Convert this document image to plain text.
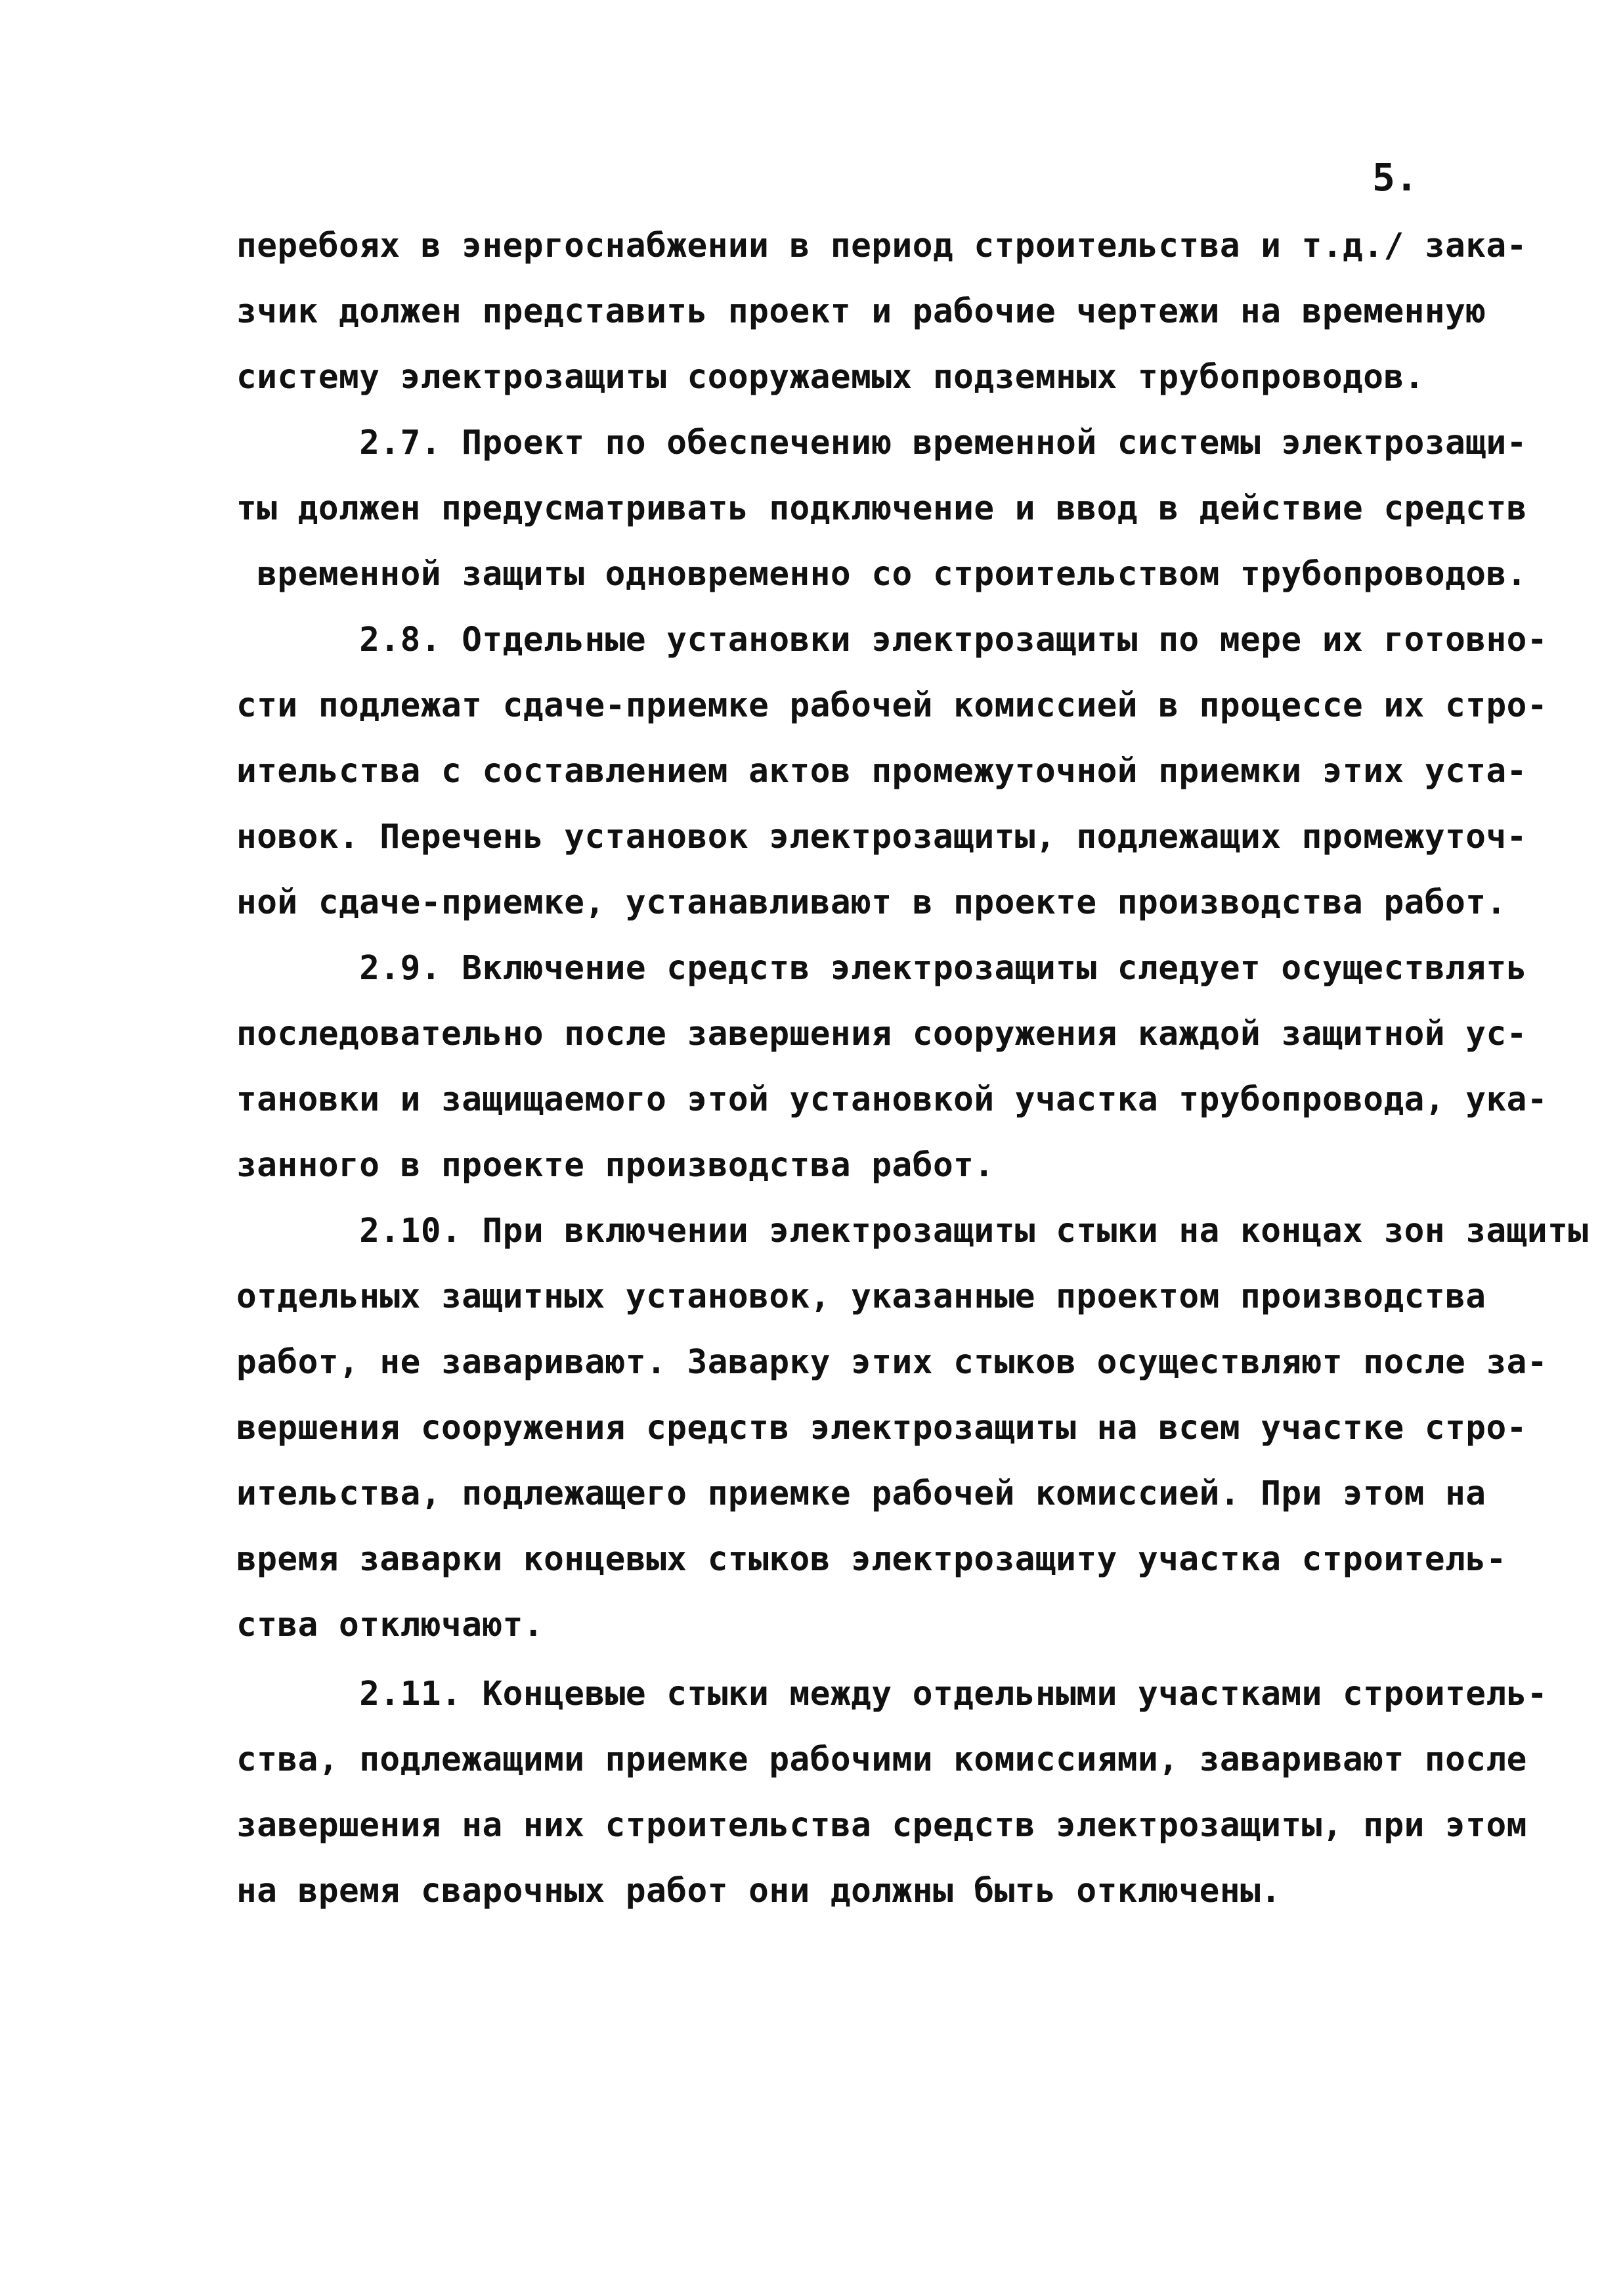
5.

перебоях в энергоснабжении в период строительства и т.д./ зака-
зчик должен представить проект и рабочие чертежи на временную
систему электрозащиты сооружаемых подземных трубопроводов.

2.7. Проект по обеспечению временной системы электрозащи-
ты должен предусматривать подключение и ввод в действие средств
временной защиты одновременно со строительством трубопроводов.

2.8. Отдельные установки электрозащиты по мере их готовно-
сти подлежат сдаче-приемке рабочей комиссией в процессе их стро-
ительства с составлением актов промежуточной приемки этих уста-
новок. Перечень установок электрозащиты, подлежащих промежуточ-
ной сдаче-приемке, устанавливают в проекте производства работ.

2.9. Включение средств электрозащиты следует осуществлять
последовательно после завершения сооружения каждой защитной ус-
тановки и защищаемого этой установкой участка трубопровода, ука-
занного в проекте производства работ.

2.10. При включении электрозащиты стыки на концах зон защиты
отдельных защитных установок, указанные проектом производства
работ, не заваривают. Заварку этих стыков осуществляют после за-
вершения сооружения средств электрозащиты на всем участке стро-
ительства, подлежащего приемке рабочей комиссией. При этом на
время заварки концевых стыков электрозащиту участка строитель-
ства отключают.

2.11. Концевые стыки между отдельными участками строитель-
ства, подлежащими приемке рабочими комиссиями, заваривают после
завершения на них строительства средств электрозащиты, при этом
на время сварочных работ они должны быть отключены.
